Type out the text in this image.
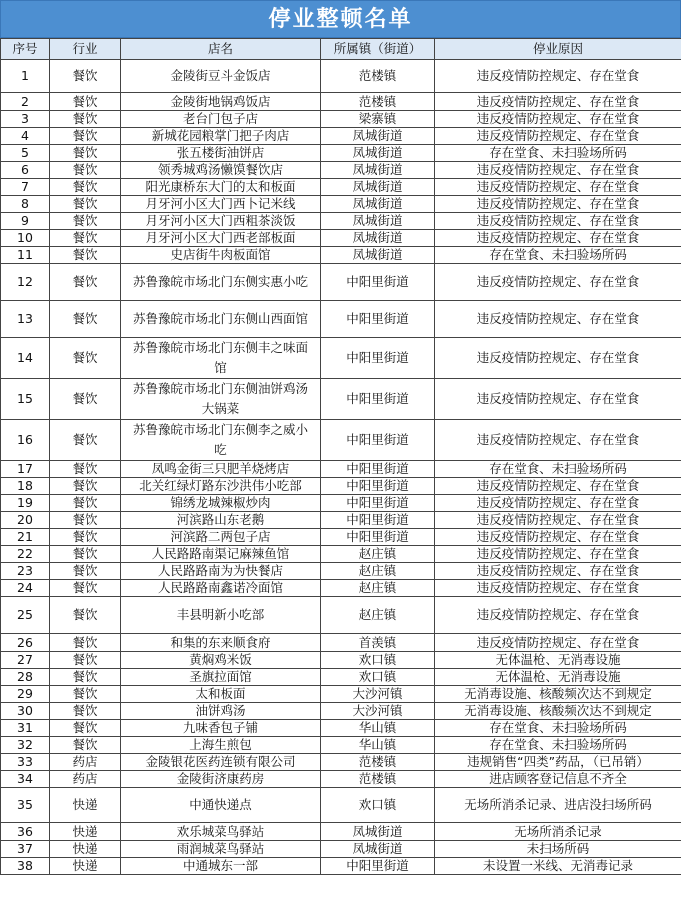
停业整顿名单
序号	行业	店名	所属镇（街道）	停业原因
1	餐饮	金陵街豆斗金饭店	范楼镇	违反疫情防控规定、存在堂食
2	餐饮	金陵街地锅鸡饭店	范楼镇	违反疫情防控规定、存在堂食
3	餐饮	老台门包子店	梁寨镇	违反疫情防控规定、存在堂食
4	餐饮	新城花园粮掌门把子肉店	凤城街道	违反疫情防控规定、存在堂食
5	餐饮	张五楼街油饼店	凤城街道	存在堂食、未扫验场所码
6	餐饮	领秀城鸡汤懒馍餐饮店	凤城街道	违反疫情防控规定、存在堂食
7	餐饮	阳光康桥东大门的太和板面	凤城街道	违反疫情防控规定、存在堂食
8	餐饮	月牙河小区大门西卜记米线	凤城街道	违反疫情防控规定、存在堂食
9	餐饮	月牙河小区大门西粗茶淡饭	凤城街道	违反疫情防控规定、存在堂食
10	餐饮	月牙河小区大门西老部板面	凤城街道	违反疫情防控规定、存在堂食
11	餐饮	史店街牛肉板面馆	凤城街道	存在堂食、未扫验场所码
12	餐饮	苏鲁豫皖市场北门东侧实惠小吃	中阳里街道	违反疫情防控规定、存在堂食
13	餐饮	苏鲁豫皖市场北门东侧山西面馆	中阳里街道	违反疫情防控规定、存在堂食
14	餐饮	苏鲁豫皖市场北门东侧丰之味面馆	中阳里街道	违反疫情防控规定、存在堂食
15	餐饮	苏鲁豫皖市场北门东侧油饼鸡汤大锅菜	中阳里街道	违反疫情防控规定、存在堂食
16	餐饮	苏鲁豫皖市场北门东侧李之威小吃	中阳里街道	违反疫情防控规定、存在堂食
17	餐饮	凤鸣金街三只肥羊烧烤店	中阳里街道	存在堂食、未扫验场所码
18	餐饮	北关红绿灯路东沙洪伟小吃部	中阳里街道	违反疫情防控规定、存在堂食
19	餐饮	锦绣龙城辣椒炒肉	中阳里街道	违反疫情防控规定、存在堂食
20	餐饮	河滨路山东老鹅	中阳里街道	违反疫情防控规定、存在堂食
21	餐饮	河滨路二两包子店	中阳里街道	违反疫情防控规定、存在堂食
22	餐饮	人民路路南渠记麻辣鱼馆	赵庄镇	违反疫情防控规定、存在堂食
23	餐饮	人民路路南为为快餐店	赵庄镇	违反疫情防控规定、存在堂食
24	餐饮	人民路路南鑫诺冷面馆	赵庄镇	违反疫情防控规定、存在堂食
25	餐饮	丰县明新小吃部	赵庄镇	违反疫情防控规定、存在堂食
26	餐饮	和集的东来顺食府	首羡镇	违反疫情防控规定、存在堂食
27	餐饮	黄焖鸡米饭	欢口镇	无体温枪、无消毒设施
28	餐饮	圣旗拉面馆	欢口镇	无体温枪、无消毒设施
29	餐饮	太和板面	大沙河镇	无消毒设施、核酸频次达不到规定
30	餐饮	油饼鸡汤	大沙河镇	无消毒设施、核酸频次达不到规定
31	餐饮	九味香包子铺	华山镇	存在堂食、未扫验场所码
32	餐饮	上海生煎包	华山镇	存在堂食、未扫验场所码
33	药店	金陵银花医药连锁有限公司	范楼镇	违规销售“四类”药品，（已吊销）
34	药店	金陵街济康药房	范楼镇	进店顾客登记信息不齐全
35	快递	中通快递点	欢口镇	无场所消杀记录、进店没扫场所码
36	快递	欢乐城菜鸟驿站	凤城街道	无场所消杀记录
37	快递	雨润城菜鸟驿站	凤城街道	未扫场所码
38	快递	中通城东一部	中阳里街道	未设置一米线、无消毒记录
